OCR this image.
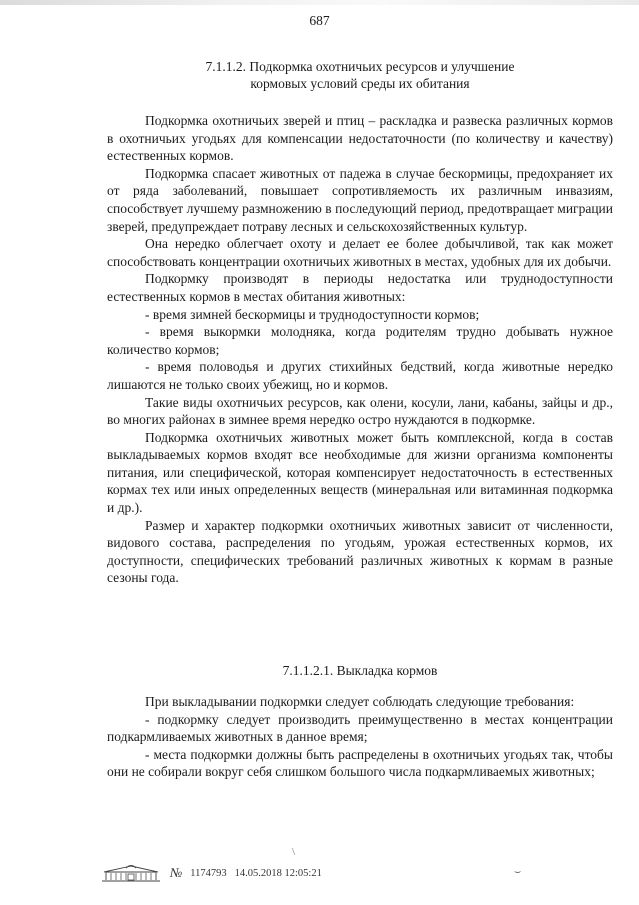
687
7.1.1.2. Подкормка охотничьих ресурсов и улучшение
кормовых условий среды их обитания

Подкормка охотничьих зверей и птиц – раскладка и развеска различных кормов в охотничьих угодьях для компенсации недостаточности (по количеству и качеству) естественных кормов.

Подкормка спасает животных от падежа в случае бескормицы, предохраняет их от ряда заболеваний, повышает сопротивляемость их различным инвазиям, способствует лучшему размножению в последующий период, предотвращает миграции зверей, предупреждает потраву лесных и сельскохозяйственных культур.

Она нередко облегчает охоту и делает ее более добычливой, так как может способствовать концентрации охотничьих животных в местах, удобных для их добычи.

Подкормку производят в периоды недостатка или труднодоступности естественных кормов в местах обитания животных:

- время зимней бескормицы и труднодоступности кормов;

- время выкормки молодняка, когда родителям трудно добывать нужное количество кормов;

- время половодья и других стихийных бедствий, когда животные нередко лишаются не только своих убежищ, но и кормов.

Такие виды охотничьих ресурсов, как олени, косули, лани, кабаны, зайцы и др., во многих районах в зимнее время нередко остро нуждаются в подкормке.

Подкормка охотничьих животных может быть комплексной, когда в состав выкладываемых кормов входят все необходимые для жизни организма компоненты питания, или специфической, которая компенсирует недостаточность в естественных кормах тех или иных определенных веществ (минеральная или витаминная подкормка и др.).

Размер и характер подкормки охотничьих животных зависит от численности, видового состава, распределения по угодьям, урожая естественных кормов, их доступности, специфических требований различных животных к кормам в разные сезоны года.

7.1.1.2.1. Выкладка кормов

При выкладывании подкормки следует соблюдать следующие требования:

- подкормку следует производить преимущественно в местах концентрации подкармливаемых животных в данное время;

- места подкормки должны быть распределены в охотничьих угодьях так, чтобы они не собирали вокруг себя слишком большого числа подкармливаемых животных;

\
⌣
№ 1174793 14.05.2018 12:05:21
